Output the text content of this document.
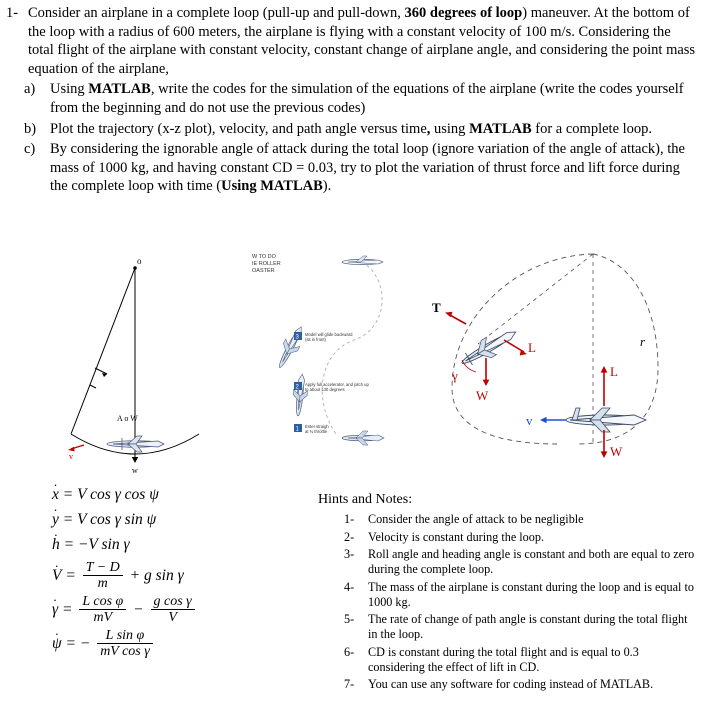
1- Consider an airplane in a complete loop (pull-up and pull-down, 360 degrees of loop) maneuver. At the bottom of the loop with a radius of 600 meters, the airplane is flying with a constant velocity of 100 m/s. Considering the total flight of the airplane with constant velocity, constant change of airplane angle, and considering the point mass equation of the airplane,
a)	Using MATLAB, write the codes for the simulation of the equations of the airplane (write the codes yourself from the beginning and do not use the previous codes)
b) Plot the trajectory (x-z plot), velocity, and path angle versus time, using MATLAB for a complete loop.
c)	By considering the ignorable angle of attack during the total loop (ignore variation of the angle of attack), the mass of 1000 kg, and having constant CD = 0.03, try to plot the variation of thrust force and lift force during the complete loop with time (Using MATLAB).
o
A o W
w
v
W TO DO
IE ROLLER
OASTER
3 Model will glide backward
(sit in front)
2 Apply full accelerator, and pitch up
to about 130 degrees
1 Enter straigh
at ¾ throttle
T
L
W
γ
r
L
W
v
.
x = V cos γ cos ψ
.
y = V cos γ sin ψ
.
h = −V sin γ
.
$V = \frac{T - D}{m} + g$ sin γ
.
$\gamma = \frac{\text{L cos φ}}{mV} - \frac{\text{g cos γ}}{V}$
.
ψ = − $\frac{\text{L sin φ}}{\text{mV cos γ}}$
Hints and Notes:
1-	Consider the angle of attack to be negligible
2-	Velocity is constant during the loop.
3-	Roll angle and heading angle is constant and both are equal to zero during the complete loop.
4-	The mass of the airplane is constant during the loop and is equal to 1000 kg.
5-	The rate of change of path angle is constant during the total flight in the loop.
6-	CD is constant during the total flight and is equal to 0.3 considering the effect of lift in CD.
7-	You can use any software for coding instead of MATLAB.
